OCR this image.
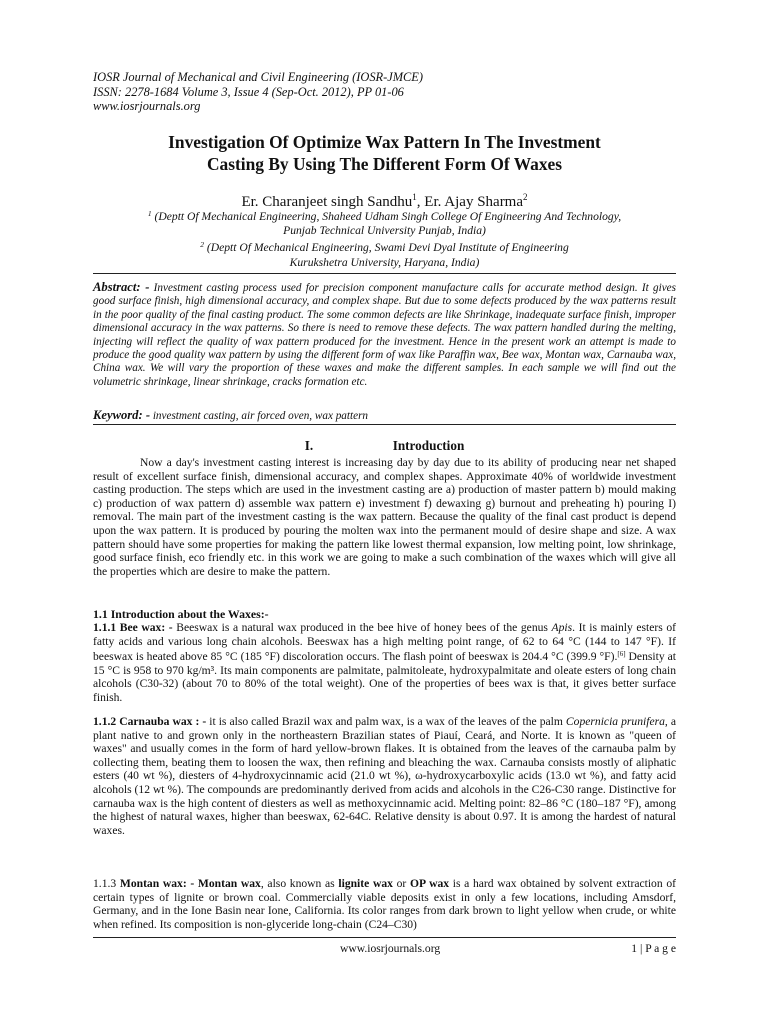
IOSR Journal of Mechanical and Civil Engineering (IOSR-JMCE)
ISSN: 2278-1684 Volume 3, Issue 4 (Sep-Oct. 2012), PP 01-06
www.iosrjournals.org
Investigation Of Optimize Wax Pattern In The Investment
Casting By Using The Different Form Of Waxes
Er. Charanjeet singh Sandhu$^1$, Er. Ajay Sharma$^2$
$^1$ (Deptt Of Mechanical Engineering, Shaheed Udham Singh College Of Engineering And Technology,
Punjab Technical University Punjab, India)
$^2$ (Deptt Of Mechanical Engineering, Swami Devi Dyal Institute of Engineering
Kurukshetra University, Haryana, India)
Abstract: - Investment casting process used for precision component manufacture calls for accurate method design. It gives good surface finish, high dimensional accuracy, and complex shape. But due to some defects produced by the wax patterns result in the poor quality of the final casting product. The some common defects are like Shrinkage, inadequate surface finish, improper dimensional accuracy in the wax patterns. So there is need to remove these defects. The wax pattern handled during the melting, injecting will reflect the quality of wax pattern produced for the investment. Hence in the present work an attempt is made to produce the good quality wax pattern by using the different form of wax like Paraffin wax, Bee wax, Montan wax, Carnauba wax, China wax. We will vary the proportion of these waxes and make the different samples. In each sample we will find out the volumetric shrinkage, linear shrinkage, cracks formation etc.
Keyword: - investment casting, air forced oven, wax pattern
I.	Introduction
Now a day's investment casting interest is increasing day by day due to its ability of producing near net shaped result of excellent surface finish, dimensional accuracy, and complex shapes. Approximate 40% of worldwide investment casting production. The steps which are used in the investment casting are a) production of master pattern b) mould making c) production of wax pattern d) assemble wax pattern e) investment f) dewaxing g) burnout and preheating h) pouring I) removal. The main part of the investment casting is the wax pattern. Because the quality of the final cast product is depend upon the wax pattern. It is produced by pouring the molten wax into the permanent mould of desire shape and size. A wax pattern should have some properties for making the pattern like lowest thermal expansion, low melting point, low shrinkage, good surface finish, eco friendly etc. in this work we are going to make a such combination of the waxes which will give all the properties which are desire to make the pattern.
1.1 Introduction about the Waxes:-
1.1.1 Bee wax: - Beeswax is a natural wax produced in the bee hive of honey bees of the genus Apis. It is mainly esters of fatty acids and various long chain alcohols. Beeswax has a high melting point range, of 62 to 64 °C (144 to 147 °F). If beeswax is heated above 85 °C (185 °F) discoloration occurs. The flash point of beeswax is 204.4 °C (399.9 °F).[6] Density at 15 °C is 958 to 970 kg/m³. Its main components are palmitate, palmitoleate, hydroxypalmitate and oleate esters of long chain alcohols (C30-32) (about 70 to 80% of the total weight). One of the properties of bees wax is that, it gives better surface finish.
1.1.2 Carnauba wax : - it is also called Brazil wax and palm wax, is a wax of the leaves of the palm Copernicia prunifera, a plant native to and grown only in the northeastern Brazilian states of Piauí, Ceará, and Norte. It is known as "queen of waxes" and usually comes in the form of hard yellow-brown flakes. It is obtained from the leaves of the carnauba palm by collecting them, beating them to loosen the wax, then refining and bleaching the wax. Carnauba consists mostly of aliphatic esters (40 wt %), diesters of 4-hydroxycinnamic acid (21.0 wt %), ω-hydroxycarboxylic acids (13.0 wt %), and fatty acid alcohols (12 wt %). The compounds are predominantly derived from acids and alcohols in the C26-C30 range. Distinctive for carnauba wax is the high content of diesters as well as methoxycinnamic acid. Melting point: 82–86 °C (180–187 °F), among the highest of natural waxes, higher than beeswax, 62-64C. Relative density is about 0.97. It is among the hardest of natural waxes.
1.1.3 Montan wax: - Montan wax, also known as lignite wax or OP wax is a hard wax obtained by solvent extraction of certain types of lignite or brown coal. Commercially viable deposits exist in only a few locations, including Amsdorf, Germany, and in the Ione Basin near Ione, California. Its color ranges from dark brown to light yellow when crude, or white when refined. Its composition is non-glyceride long-chain (C24–C30)
www.iosrjournals.org	1 | P a g e
